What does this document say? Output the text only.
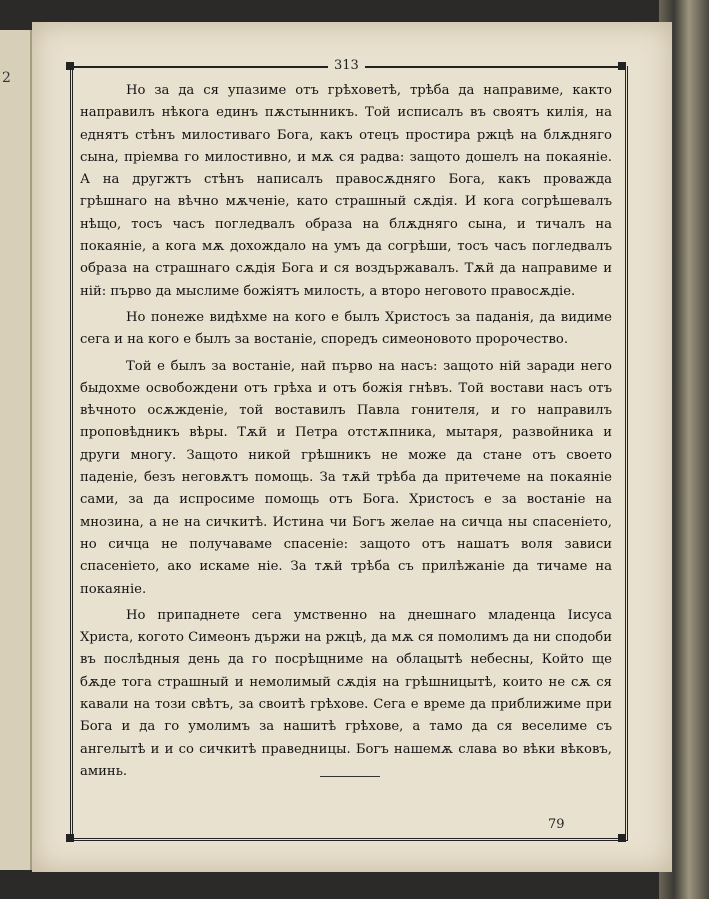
2
313

Но за да ся упазиме отъ грѣховетѣ, трѣба да направиме, както направилъ нѣкога единъ пѫстынникъ. Той исписалъ въ своятъ килiя, на еднятъ стѣнъ милостиваго Бога, какъ отецъ простира ржцѣ на блѫдняго сына, прiемва го милостивно, и мѫ ся радва: защото дошелъ на покаянiе. А на другжтъ стѣнъ написалъ правосѫдняго Бога, какъ проважда грѣшнаго на вѣчно мѫченiе, като страшный сѫдiя. И кога согрѣшевалъ нѣщо, тосъ часъ погледвалъ образа на блѫдняго сына, и тичалъ на покаянiе, а кога мѫ дохождало на умъ да согрѣши, тосъ часъ погледвалъ образа на страшнаго сѫдiя Бога и ся воздържавалъ. Тѫй да направиме и нiй: първо да мыслиме божiятъ милость, а второ неговото правосѫдiе.

Но понеже видѣхме на кого е былъ Христосъ за паданiя, да видиме сега и на кого е былъ за востанiе, споредъ симеоновото пророчество.

Той е былъ за востанiе, най първо на насъ: защото нiй заради него быдохме освобождени отъ грѣха и отъ божiя гнѣвъ. Той востави насъ отъ вѣчното осѫжденiе, той воставилъ Павла гонителя, и го направилъ проповѣдникъ вѣры. Тѫй и Петра отстѫпника, мытаря, развойника и други многу. Защото никой грѣшникъ не може да стане отъ своето паденiе, безъ неговѫтъ помощь. За тѫй трѣба да притечеме на покаянiе сами, за да испросиме помощь отъ Бога. Христосъ е за востанiе на мнозина, а не на сичкитѣ. Истина чи Богъ желае на сичца ны спасенiето, но сичца не получаваме спасенiе: защото отъ нашатъ воля зависи спасенiето, ако искаме нiе. За тѫй трѣба съ прилѣжанiе да тичаме на покаянiе.

Но припаднете сега умственно на днешнаго младенца Iисуса Христа, когото Симеонъ държи на ржцѣ, да мѫ ся помолимъ да ни сподоби въ послѣдныя день да го посрѣщниме на облацытѣ небесны, Който ще бѫде тога страшный и немолимый сѫдiя на грѣшницытѣ, които не сѫ ся кавали на този свѣтъ, за своитѣ грѣхове. Сега е време да приближиме при Бога и да го умолимъ за нашитѣ грѣхове, а тамо да ся веселиме съ ангелытѣ и и со сичкитѣ праведницы. Богъ нашемѫ слава во вѣки вѣковъ, аминь.

79
